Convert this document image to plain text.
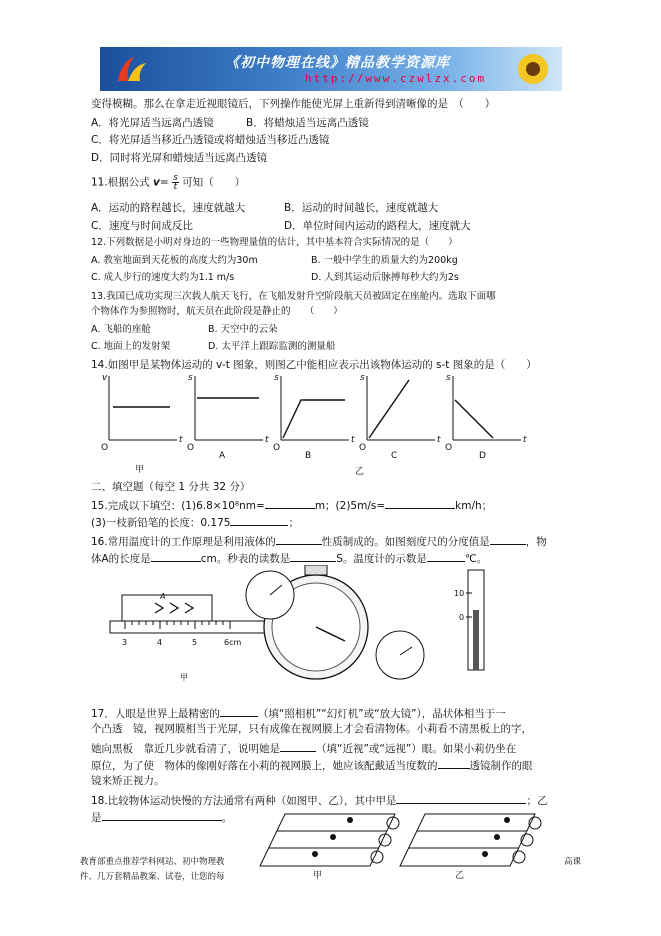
《初中物理在线》精品教学资源库
http://www.czwlzx.com
变得模糊。那么在拿走近视眼镜后，下列操作能使光屏上重新得到清晰像的是　（　　）
A．将光屏适当远离凸透镜	B．将蜡烛适当远离凸透镜
C．将光屏适当移近凸透镜或将蜡烛适当移近凸透镜
D．同时将光屏和蜡烛适当远离凸透镜
11.根据公式 $v= \frac{s}{t}$ 可知（　　）
A．运动的路程越长，速度就越大	B．运动的时间越长，速度就越大
C．速度与时间成反比	D．单位时间内运动的路程大，速度就大
12.下列数据是小明对身边的一些物理量值的估计，其中基本符合实际情况的是（　　）
A. 教室地面到天花板的高度大约为30m	B. 一般中学生的质量大约为200kg
C. 成人步行的速度大约为1.1 m/s	D. 人到其运动后脉搏每秒大约为2s
13.我国已成功实现三次载人航天飞行，在飞船发射升空阶段航天员被固定在座舱内。选取下面哪
个物体作为参照物时，航天员在此阶段是静止的　　（　　）
A. 飞船的座舱	B. 天空中的云朵
C. 地面上的发射架	D. 太平洋上跟踪监测的测量船
14.如图甲是某物体运动的 v-t 图象，则图乙中能相应表示出该物体运动的 s-t 图象的是（　　）
v
O
t
s
O
t
s
O
t
s
O
t
s
O
t
甲
A	B	C	D
乙
二、填空题（每空 1 分共 32 分）
15.完成以下填空：(1)6.8×10⁸nm=	m；(2)5m/s=	km/h；
(3)一枝新铅笔的长度：0.175	；
16.常用温度计的工作原理是利用液体的	性质制成的。如图刻度尺的分度值是	，物
体A的长度是	cm。秒表的读数是	S。温度计的示数是	℃。
A
3	4	5	6cm
甲
10
0
17．人眼是世界上最精密的	（填“照相机”“幻灯机”或“放大镜”），晶状体相当于一
个凸透　镜，视网膜相当于光屏，只有成像在视网膜上才会看清物体。小莉看不清黑板上的字，
她向黑板　靠近几步就看清了，说明她是	（填“近视”或“远视”）眼。如果小莉仍坐在
原位，为了使　物体的像刚好落在小莉的视网膜上，她应该配戴适当度数的	透镜制作的眼
镜来矫正视力。
18.比较物体运动快慢的方法通常有两种（如图甲、乙），其中甲是	；乙
是	。
甲	乙
教育部重点推荐学科网站、初中物理教	高课
件、几万套精品教案、试卷，让您的每
